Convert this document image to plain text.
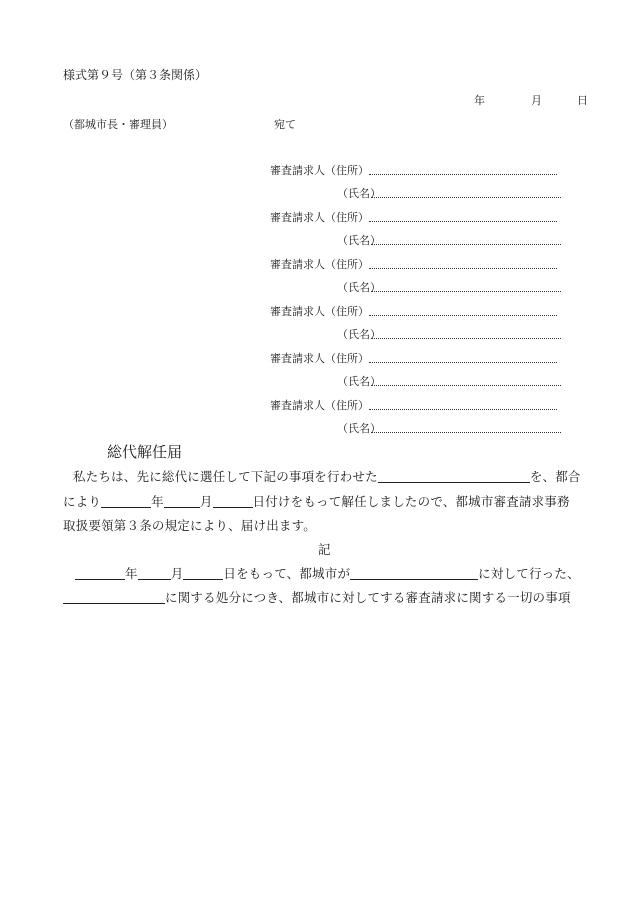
様式第９号（第３条関係）
年	月	日
（都城市長・審理員）	宛て
審査請求人（住所）
（氏名）
審査請求人（住所）
（氏名）
審査請求人（住所）
（氏名）
審査請求人（住所）
（氏名）
審査請求人（住所）
（氏名）
審査請求人（住所）
（氏名）
総代解任届
私たちは、先に総代に選任して下記の事項を行わせた	を、都合
により	年	月	日付けをもって解任しましたので、都城市審査請求事務
取扱要領第３条の規定により、届け出ます。
記
年	月	日をもって、都城市が	に対して行った、
に関する処分につき、都城市に対してする審査請求に関する一切の事項
